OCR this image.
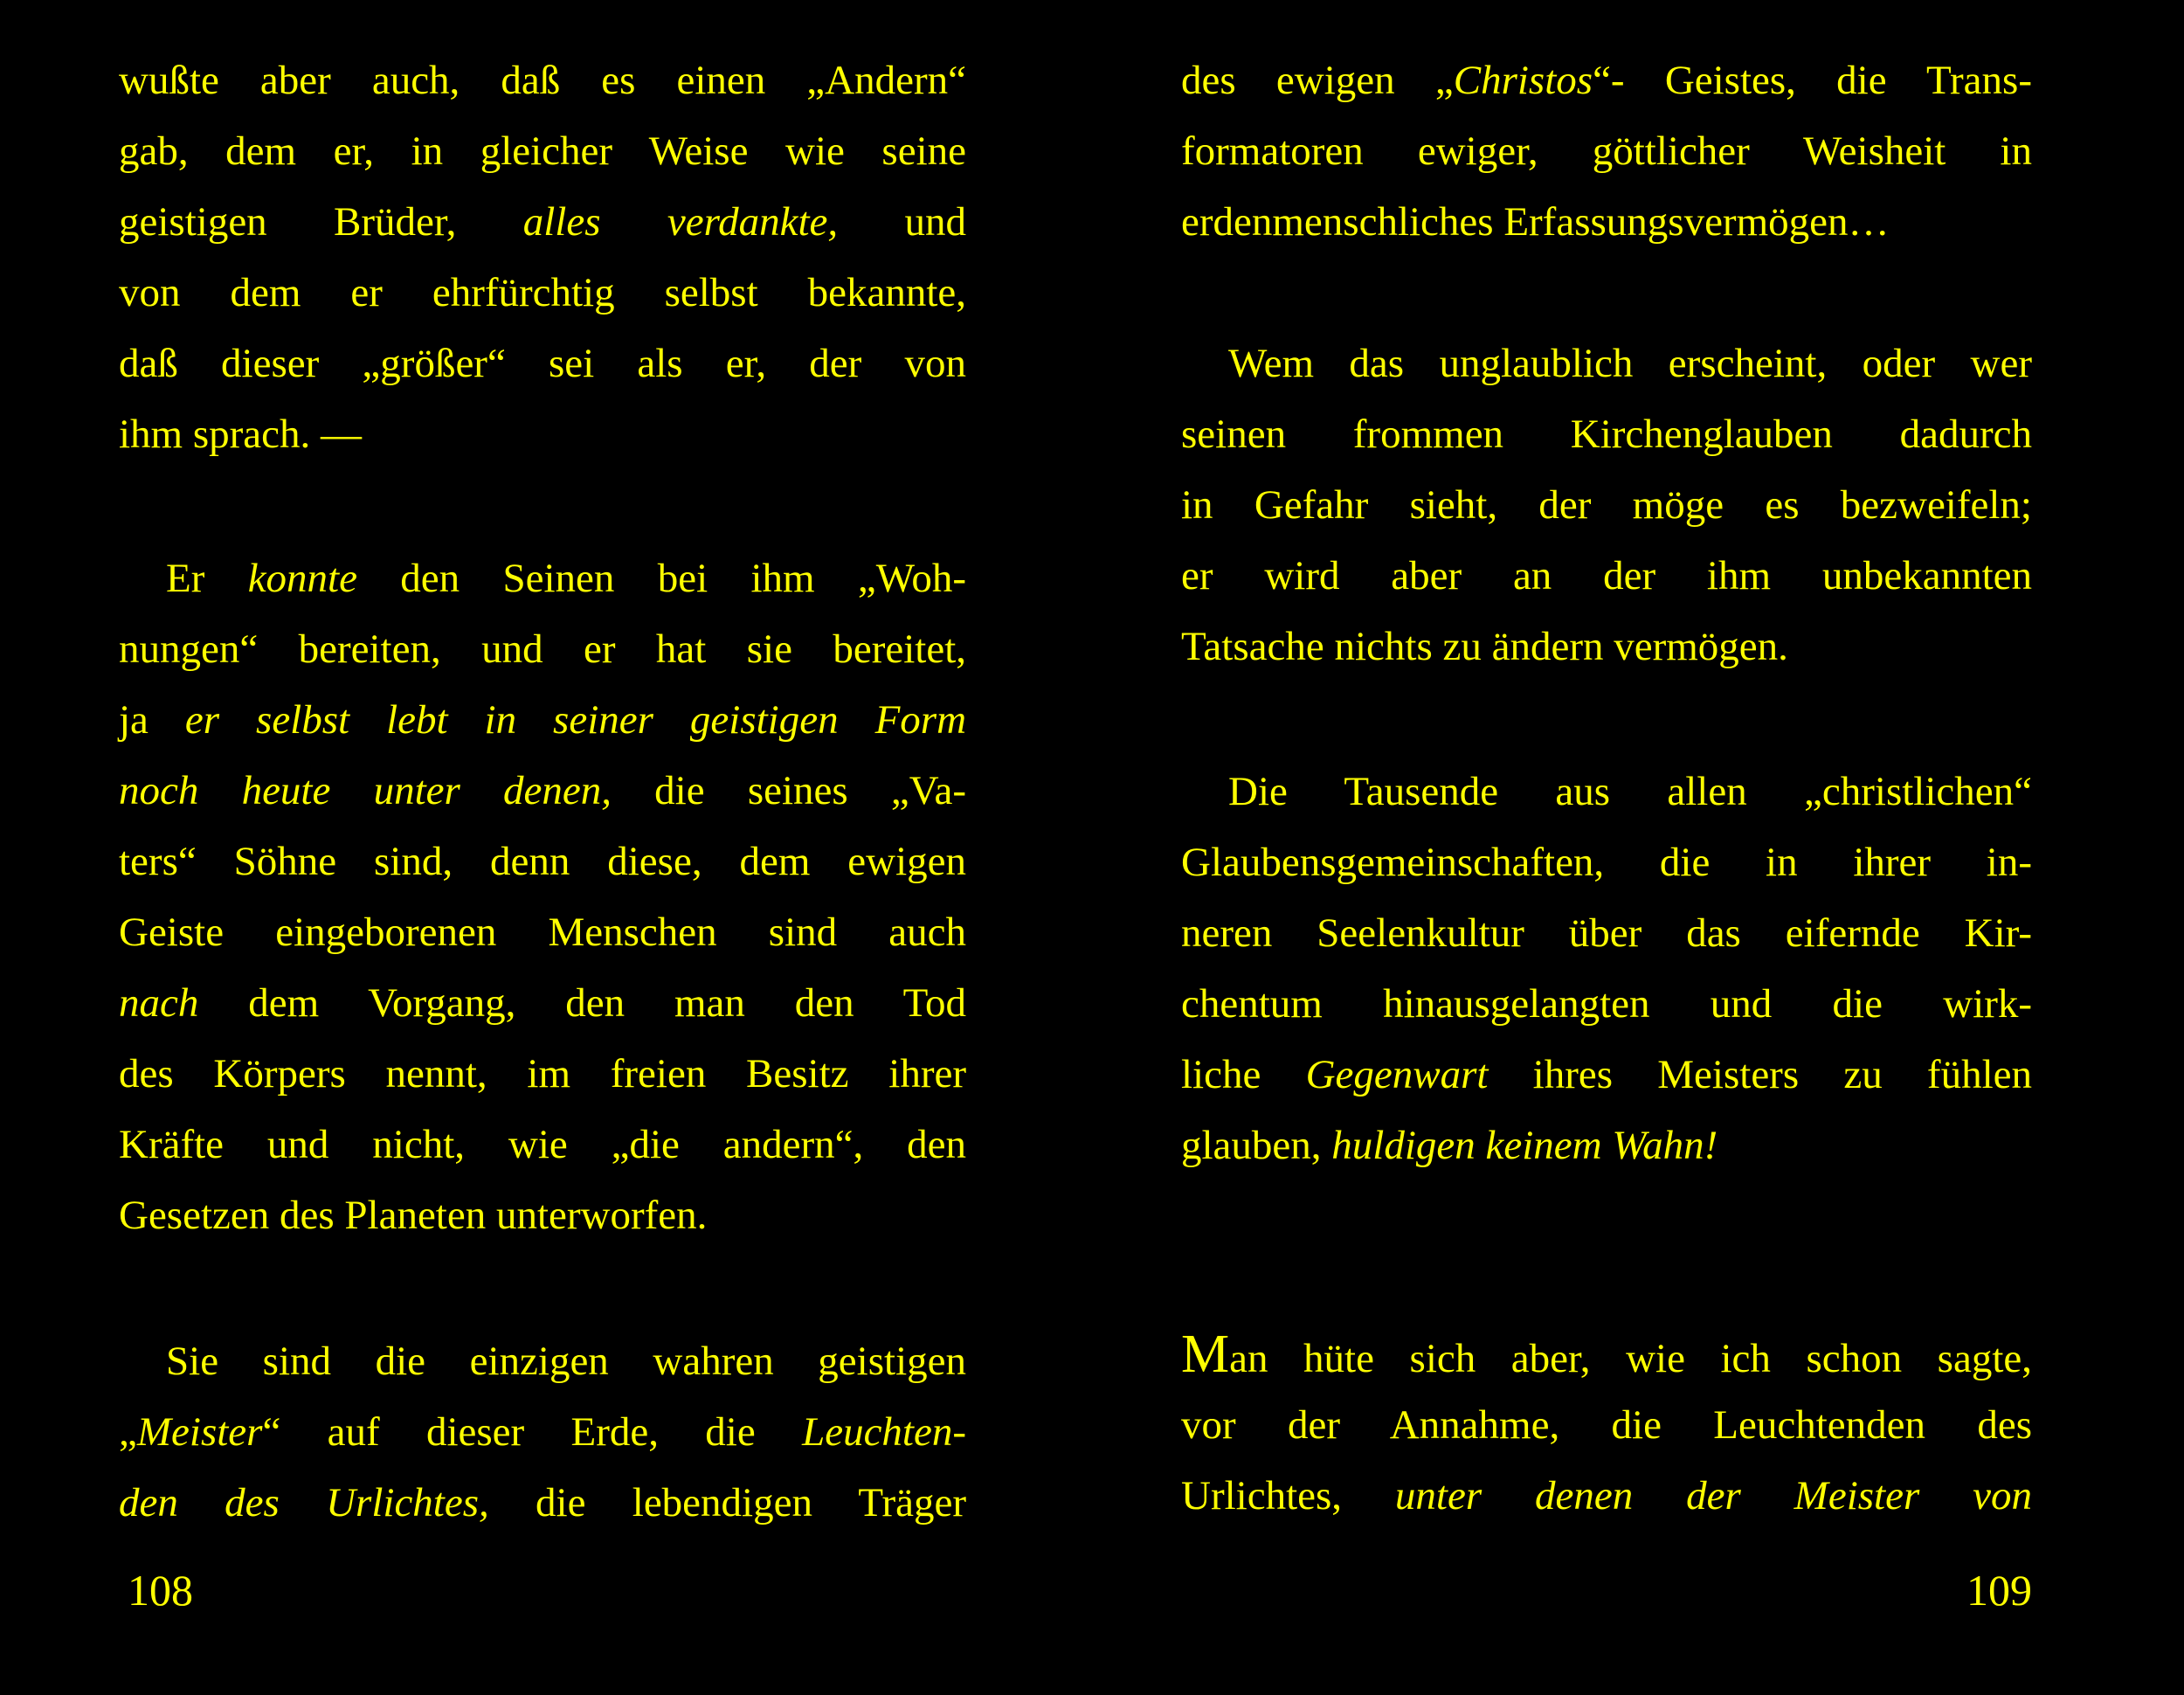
wußte aber auch, daß es einen „Andern“
gab, dem er, in gleicher Weise wie seine
geistigen Brüder, alles verdankte, und
von dem er ehrfürchtig selbst bekannte,
daß dieser „größer“ sei als er, der von
ihm sprach. —
Er konnte den Seinen bei ihm „Woh-
nungen“ bereiten, und er hat sie bereitet,
ja er selbst lebt in seiner geistigen Form
noch heute unter denen, die seines „Va-
ters“ Söhne sind, denn diese, dem ewigen
Geiste eingeborenen Menschen sind auch
nach dem Vorgang, den man den Tod
des Körpers nennt, im freien Besitz ihrer
Kräfte und nicht, wie „die andern“, den
Gesetzen des Planeten unterworfen.
Sie sind die einzigen wahren geistigen
„Meister“ auf dieser Erde, die Leuchten-
den des Urlichtes, die lebendigen Träger
108
des ewigen „Christos“- Geistes, die Trans-
formatoren ewiger, göttlicher Weisheit in
erdenmenschliches Erfassungsvermögen…
Wem das unglaublich erscheint, oder wer
seinen frommen Kirchenglauben dadurch
in Gefahr sieht, der möge es bezweifeln;
er wird aber an der ihm unbekannten
Tatsache nichts zu ändern vermögen.
Die Tausende aus allen „christlichen“
Glaubensgemeinschaften, die in ihrer in-
neren Seelenkultur über das eifernde Kir-
chentum hinausgelangten und die wirk-
liche Gegenwart ihres Meisters zu fühlen
glauben, huldigen keinem Wahn!
Man hüte sich aber, wie ich schon sagte,
vor der Annahme, die Leuchtenden des
Urlichtes, unter denen der Meister von
109
